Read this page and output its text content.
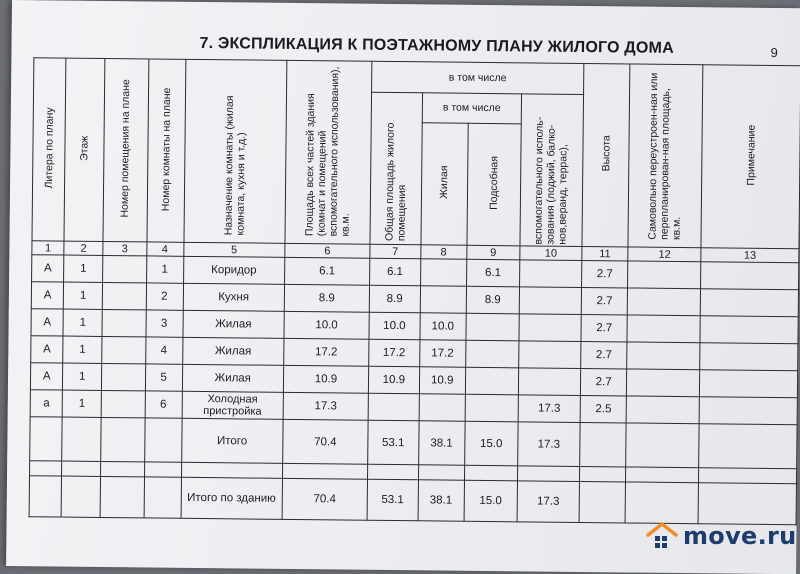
7. ЭКСПЛИКАЦИЯ К ПОЭТАЖНОМУ ПЛАНУ ЖИЛОГО ДОМА	9
Литера по плану	Этаж	Номер помещения на плане	Номер комнаты на плане	Назначение комнаты (жилая комната, кухня и т.д.)	Площадь всех частей здания (комнат и помещений вспомогательного использования), кв.м.	в том числе				Высота	Самовольно переустроен-ная или перепланирован-ная площадь, кв.м.	Примечание
						Общая площадь жилого помещения	в том числе		вспомогательного исполь-зования (лоджий, балко-нов,веранд, террас),			
							Жилая	Подсобная				
1	2	3	4	5	6	7	8	9	10	11	12	13
А	1		1	Коридор	6.1	6.1		6.1		2.7		
А	1		2	Кухня	8.9	8.9		8.9		2.7		
А	1		3	Жилая	10.0	10.0	10.0			2.7		
А	1		4	Жилая	17.2	17.2	17.2			2.7		
А	1		5	Жилая	10.9	10.9	10.9			2.7		
а	1		6	Холодная пристройка	17.3				17.3	2.5		
				Итого	70.4	53.1	38.1	15.0	17.3			

				Итого по зданию	70.4	53.1	38.1	15.0	17.3			
move.ru
